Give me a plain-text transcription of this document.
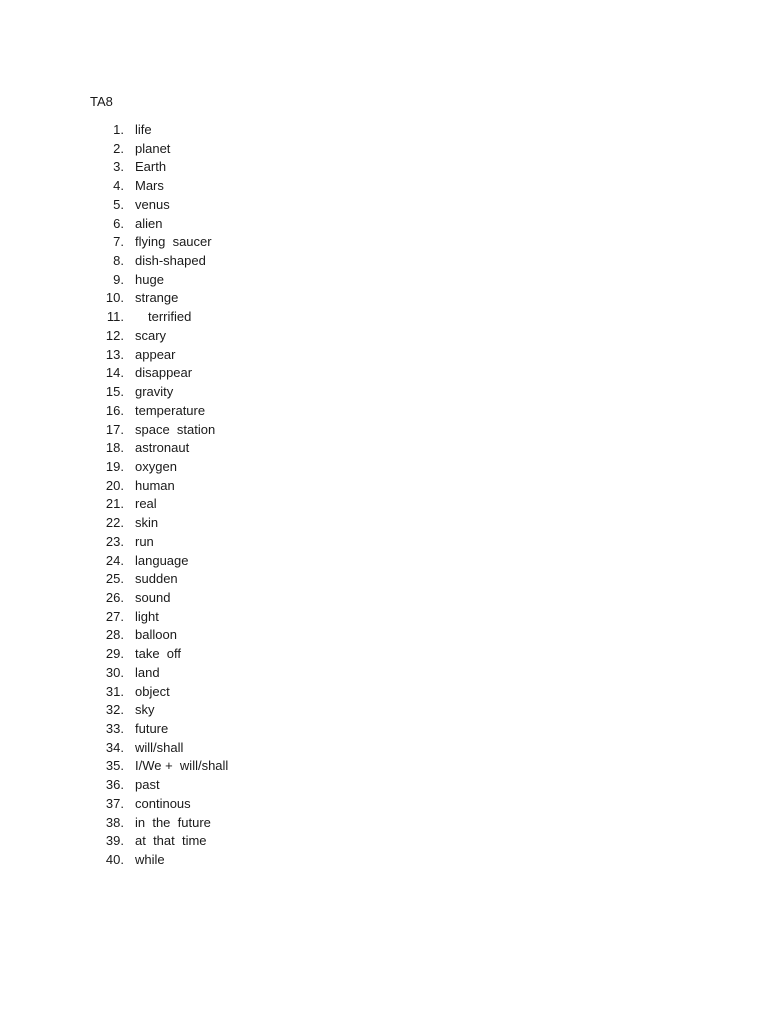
TA8
1. life
2. planet
3. Earth
4. Mars
5. venus
6. alien
7. flying  saucer
8. dish-shaped
9. huge
10. strange
11. terrified
12. scary
13. appear
14. disappear
15. gravity
16. temperature
17. space  station
18. astronaut
19. oxygen
20. human
21. real
22. skin
23. run
24. language
25. sudden
26. sound
27. light
28. balloon
29. take  off
30. land
31. object
32. sky
33. future
34. will/shall
35. I/We +  will/shall
36. past
37. continous
38. in  the  future
39. at  that  time
40. while
